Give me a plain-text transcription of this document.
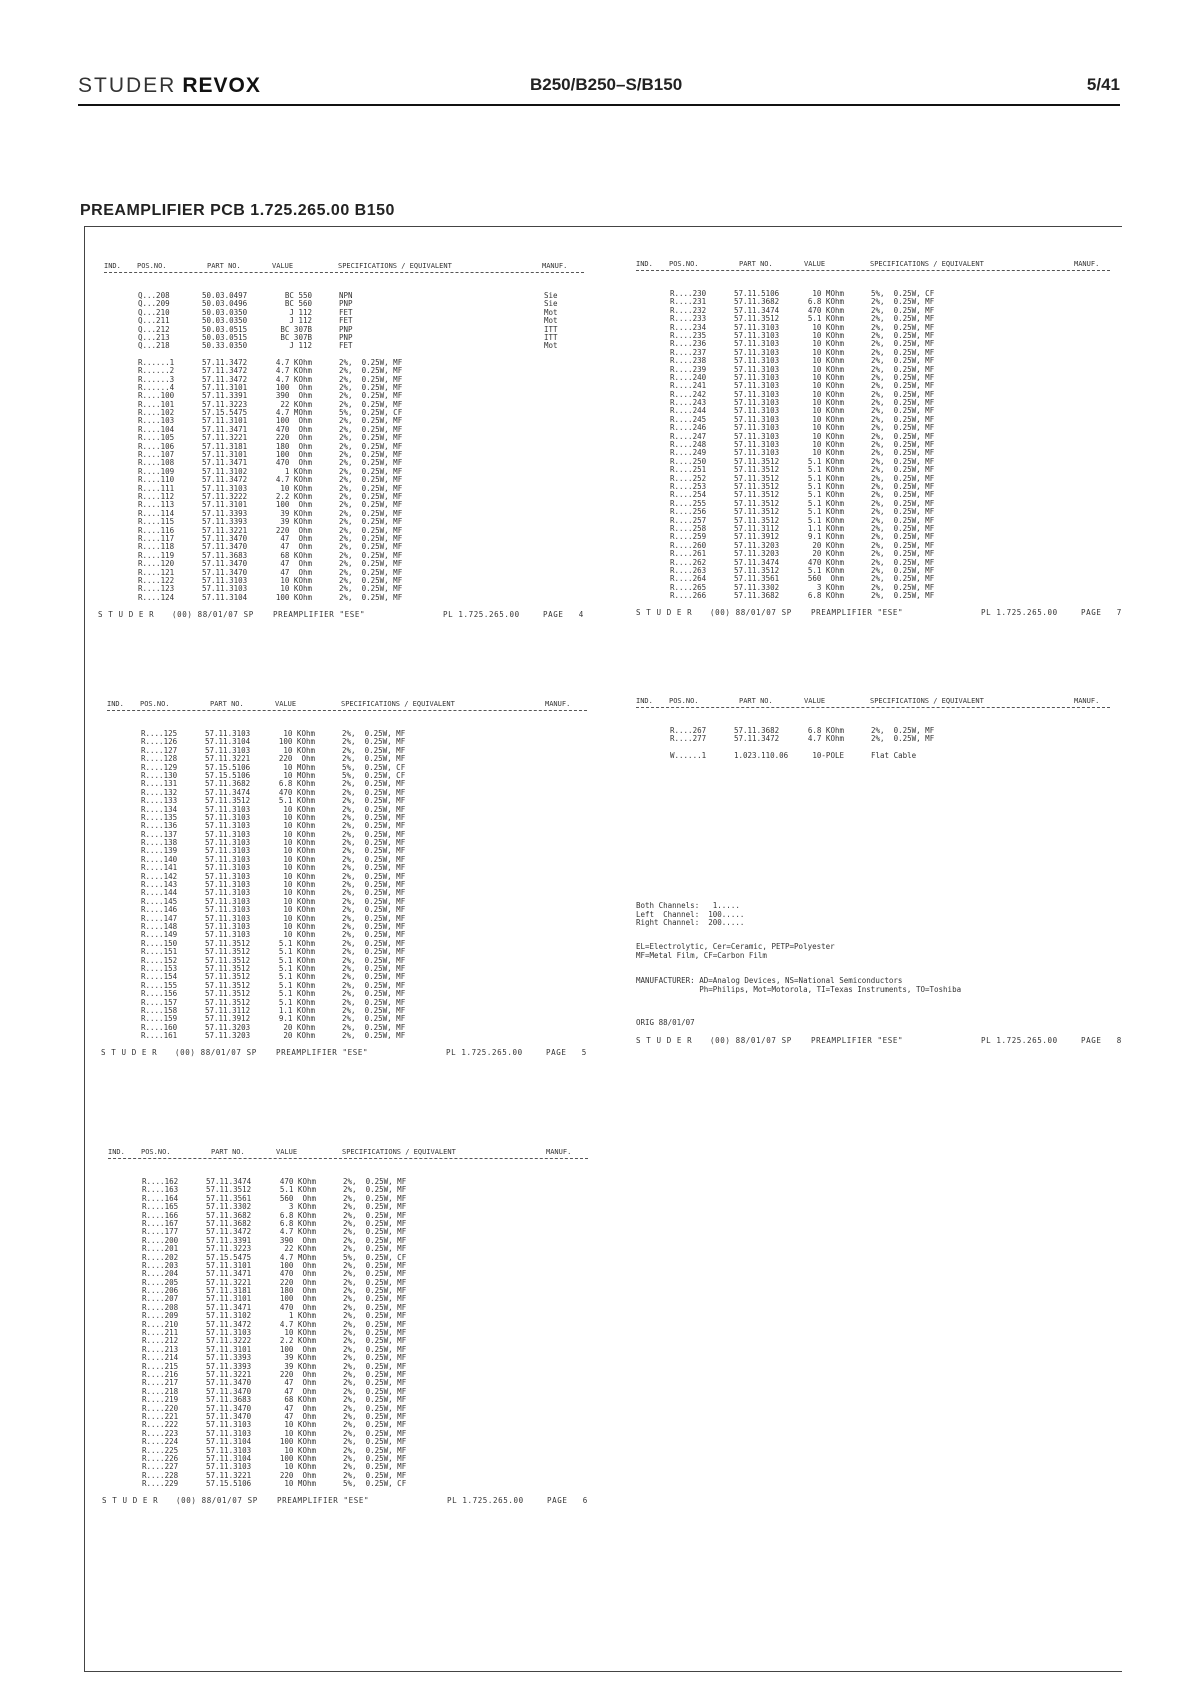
STUDER REVOX	B250/B250–S/B150	5/41
PREAMPLIFIER PCB 1.725.265.00 B150
IND. POS.NO.	PART NO.	VALUE	SPECIFICATIONS / EQUIVALENT	MANUF.
Q...208	50.03.0497	BC 550	NPN	Sie
Q...209	50.03.0496	BC 560	PNP	Sie
Q...210	50.03.0350	J 112	FET	Mot
Q...211	50.03.0350	J 112	FET	Mot
Q...212	50.03.0515	BC 307B	PNP	ITT
Q...213	50.03.0515	BC 307B	PNP	ITT
Q...218	50.33.0350	J 112	FET	Mot
R......1	57.11.3472	4.7 KOhm	2%,  0.25W, MF
R......2	57.11.3472	4.7 KOhm	2%,  0.25W, MF
R......3	57.11.3472	4.7 KOhm	2%,  0.25W, MF
R......4	57.11.3101	100  Ohm	2%,  0.25W, MF
R....100	57.11.3391	390  Ohm	2%,  0.25W, MF
R....101	57.11.3223	22 KOhm	2%,  0.25W, MF
R....102	57.15.5475	4.7 MOhm	5%,  0.25W, CF
R....103	57.11.3101	100  Ohm	2%,  0.25W, MF
R....104	57.11.3471	470  Ohm	2%,  0.25W, MF
R....105	57.11.3221	220  Ohm	2%,  0.25W, MF
R....106	57.11.3181	180  Ohm	2%,  0.25W, MF
R....107	57.11.3101	100  Ohm	2%,  0.25W, MF
R....108	57.11.3471	470  Ohm	2%,  0.25W, MF
R....109	57.11.3102	1 KOhm	2%,  0.25W, MF
R....110	57.11.3472	4.7 KOhm	2%,  0.25W, MF
R....111	57.11.3103	10 KOhm	2%,  0.25W, MF
R....112	57.11.3222	2.2 KOhm	2%,  0.25W, MF
R....113	57.11.3101	100  Ohm	2%,  0.25W, MF
R....114	57.11.3393	39 KOhm	2%,  0.25W, MF
R....115	57.11.3393	39 KOhm	2%,  0.25W, MF
R....116	57.11.3221	220  Ohm	2%,  0.25W, MF
R....117	57.11.3470	47  Ohm	2%,  0.25W, MF
R....118	57.11.3470	47  Ohm	2%,  0.25W, MF
R....119	57.11.3683	68 KOhm	2%,  0.25W, MF
R....120	57.11.3470	47  Ohm	2%,  0.25W, MF
R....121	57.11.3470	47  Ohm	2%,  0.25W, MF
R....122	57.11.3103	10 KOhm	2%,  0.25W, MF
R....123	57.11.3103	10 KOhm	2%,  0.25W, MF
R....124	57.11.3104	100 KOhm	2%,  0.25W, MF
S T U D E R (00) 88/01/07 SP	PREAMPLIFIER "ESE"	PL 1.725.265.00	PAGE   4
IND. POS.NO.	PART NO.	VALUE	SPECIFICATIONS / EQUIVALENT	MANUF.
R....230	57.11.5106	10 MOhm	5%,  0.25W, CF
R....231	57.11.3682	6.8 KOhm	2%,  0.25W, MF
R....232	57.11.3474	470 KOhm	2%,  0.25W, MF
R....233	57.11.3512	5.1 KOhm	2%,  0.25W, MF
R....234	57.11.3103	10 KOhm	2%,  0.25W, MF
R....235	57.11.3103	10 KOhm	2%,  0.25W, MF
R....236	57.11.3103	10 KOhm	2%,  0.25W, MF
R....237	57.11.3103	10 KOhm	2%,  0.25W, MF
R....238	57.11.3103	10 KOhm	2%,  0.25W, MF
R....239	57.11.3103	10 KOhm	2%,  0.25W, MF
R....240	57.11.3103	10 KOhm	2%,  0.25W, MF
R....241	57.11.3103	10 KOhm	2%,  0.25W, MF
R....242	57.11.3103	10 KOhm	2%,  0.25W, MF
R....243	57.11.3103	10 KOhm	2%,  0.25W, MF
R....244	57.11.3103	10 KOhm	2%,  0.25W, MF
R....245	57.11.3103	10 KOhm	2%,  0.25W, MF
R....246	57.11.3103	10 KOhm	2%,  0.25W, MF
R....247	57.11.3103	10 KOhm	2%,  0.25W, MF
R....248	57.11.3103	10 KOhm	2%,  0.25W, MF
R....249	57.11.3103	10 KOhm	2%,  0.25W, MF
R....250	57.11.3512	5.1 KOhm	2%,  0.25W, MF
R....251	57.11.3512	5.1 KOhm	2%,  0.25W, MF
R....252	57.11.3512	5.1 KOhm	2%,  0.25W, MF
R....253	57.11.3512	5.1 KOhm	2%,  0.25W, MF
R....254	57.11.3512	5.1 KOhm	2%,  0.25W, MF
R....255	57.11.3512	5.1 KOhm	2%,  0.25W, MF
R....256	57.11.3512	5.1 KOhm	2%,  0.25W, MF
R....257	57.11.3512	5.1 KOhm	2%,  0.25W, MF
R....258	57.11.3112	1.1 KOhm	2%,  0.25W, MF
R....259	57.11.3912	9.1 KOhm	2%,  0.25W, MF
R....260	57.11.3203	20 KOhm	2%,  0.25W, MF
R....261	57.11.3203	20 KOhm	2%,  0.25W, MF
R....262	57.11.3474	470 KOhm	2%,  0.25W, MF
R....263	57.11.3512	5.1 KOhm	2%,  0.25W, MF
R....264	57.11.3561	560  Ohm	2%,  0.25W, MF
R....265	57.11.3302	3 KOhm	2%,  0.25W, MF
R....266	57.11.3682	6.8 KOhm	2%,  0.25W, MF
S T U D E R (00) 88/01/07 SP	PREAMPLIFIER "ESE"	PL 1.725.265.00	PAGE   7
IND. POS.NO.	PART NO.	VALUE	SPECIFICATIONS / EQUIVALENT	MANUF.
R....125	57.11.3103	10 KOhm	2%,  0.25W, MF
R....126	57.11.3104	100 KOhm	2%,  0.25W, MF
R....127	57.11.3103	10 KOhm	2%,  0.25W, MF
R....128	57.11.3221	220  Ohm	2%,  0.25W, MF
R....129	57.15.5106	10 MOhm	5%,  0.25W, CF
R....130	57.15.5106	10 MOhm	5%,  0.25W, CF
R....131	57.11.3682	6.8 KOhm	2%,  0.25W, MF
R....132	57.11.3474	470 KOhm	2%,  0.25W, MF
R....133	57.11.3512	5.1 KOhm	2%,  0.25W, MF
R....134	57.11.3103	10 KOhm	2%,  0.25W, MF
R....135	57.11.3103	10 KOhm	2%,  0.25W, MF
R....136	57.11.3103	10 KOhm	2%,  0.25W, MF
R....137	57.11.3103	10 KOhm	2%,  0.25W, MF
R....138	57.11.3103	10 KOhm	2%,  0.25W, MF
R....139	57.11.3103	10 KOhm	2%,  0.25W, MF
R....140	57.11.3103	10 KOhm	2%,  0.25W, MF
R....141	57.11.3103	10 KOhm	2%,  0.25W, MF
R....142	57.11.3103	10 KOhm	2%,  0.25W, MF
R....143	57.11.3103	10 KOhm	2%,  0.25W, MF
R....144	57.11.3103	10 KOhm	2%,  0.25W, MF
R....145	57.11.3103	10 KOhm	2%,  0.25W, MF
R....146	57.11.3103	10 KOhm	2%,  0.25W, MF
R....147	57.11.3103	10 KOhm	2%,  0.25W, MF
R....148	57.11.3103	10 KOhm	2%,  0.25W, MF
R....149	57.11.3103	10 KOhm	2%,  0.25W, MF
R....150	57.11.3512	5.1 KOhm	2%,  0.25W, MF
R....151	57.11.3512	5.1 KOhm	2%,  0.25W, MF
R....152	57.11.3512	5.1 KOhm	2%,  0.25W, MF
R....153	57.11.3512	5.1 KOhm	2%,  0.25W, MF
R....154	57.11.3512	5.1 KOhm	2%,  0.25W, MF
R....155	57.11.3512	5.1 KOhm	2%,  0.25W, MF
R....156	57.11.3512	5.1 KOhm	2%,  0.25W, MF
R....157	57.11.3512	5.1 KOhm	2%,  0.25W, MF
R....158	57.11.3112	1.1 KOhm	2%,  0.25W, MF
R....159	57.11.3912	9.1 KOhm	2%,  0.25W, MF
R....160	57.11.3203	20 KOhm	2%,  0.25W, MF
R....161	57.11.3203	20 KOhm	2%,  0.25W, MF
S T U D E R (00) 88/01/07 SP	PREAMPLIFIER "ESE"	PL 1.725.265.00	PAGE   5
IND. POS.NO.	PART NO.	VALUE	SPECIFICATIONS / EQUIVALENT	MANUF.
R....267	57.11.3682	6.8 KOhm	2%,  0.25W, MF
R....277	57.11.3472	4.7 KOhm	2%,  0.25W, MF
W......1	1.023.110.06	10-POLE	Flat Cable
Both Channels:   1.....
Left  Channel:  100.....
Right Channel:  200.....
EL=Electrolytic, Cer=Ceramic, PETP=Polyester
MF=Metal Film, CF=Carbon Film
MANUFACTURER: AD=Analog Devices, NS=National Semiconductors
Ph=Philips, Mot=Motorola, TI=Texas Instruments, TO=Toshiba
ORIG 88/01/07
S T U D E R (00) 88/01/07 SP	PREAMPLIFIER "ESE"	PL 1.725.265.00	PAGE   8
IND. POS.NO.	PART NO.	VALUE	SPECIFICATIONS / EQUIVALENT	MANUF.
R....162	57.11.3474	470 KOhm	2%,  0.25W, MF
R....163	57.11.3512	5.1 KOhm	2%,  0.25W, MF
R....164	57.11.3561	560  Ohm	2%,  0.25W, MF
R....165	57.11.3302	3 KOhm	2%,  0.25W, MF
R....166	57.11.3682	6.8 KOhm	2%,  0.25W, MF
R....167	57.11.3682	6.8 KOhm	2%,  0.25W, MF
R....177	57.11.3472	4.7 KOhm	2%,  0.25W, MF
R....200	57.11.3391	390  Ohm	2%,  0.25W, MF
R....201	57.11.3223	22 KOhm	2%,  0.25W, MF
R....202	57.15.5475	4.7 MOhm	5%,  0.25W, CF
R....203	57.11.3101	100  Ohm	2%,  0.25W, MF
R....204	57.11.3471	470  Ohm	2%,  0.25W, MF
R....205	57.11.3221	220  Ohm	2%,  0.25W, MF
R....206	57.11.3181	180  Ohm	2%,  0.25W, MF
R....207	57.11.3101	100  Ohm	2%,  0.25W, MF
R....208	57.11.3471	470  Ohm	2%,  0.25W, MF
R....209	57.11.3102	1 KOhm	2%,  0.25W, MF
R....210	57.11.3472	4.7 KOhm	2%,  0.25W, MF
R....211	57.11.3103	10 KOhm	2%,  0.25W, MF
R....212	57.11.3222	2.2 KOhm	2%,  0.25W, MF
R....213	57.11.3101	100  Ohm	2%,  0.25W, MF
R....214	57.11.3393	39 KOhm	2%,  0.25W, MF
R....215	57.11.3393	39 KOhm	2%,  0.25W, MF
R....216	57.11.3221	220  Ohm	2%,  0.25W, MF
R....217	57.11.3470	47  Ohm	2%,  0.25W, MF
R....218	57.11.3470	47  Ohm	2%,  0.25W, MF
R....219	57.11.3683	68 KOhm	2%,  0.25W, MF
R....220	57.11.3470	47  Ohm	2%,  0.25W, MF
R....221	57.11.3470	47  Ohm	2%,  0.25W, MF
R....222	57.11.3103	10 KOhm	2%,  0.25W, MF
R....223	57.11.3103	10 KOhm	2%,  0.25W, MF
R....224	57.11.3104	100 KOhm	2%,  0.25W, MF
R....225	57.11.3103	10 KOhm	2%,  0.25W, MF
R....226	57.11.3104	100 KOhm	2%,  0.25W, MF
R....227	57.11.3103	10 KOhm	2%,  0.25W, MF
R....228	57.11.3221	220  Ohm	2%,  0.25W, MF
R....229	57.15.5106	10 MOhm	5%,  0.25W, CF
S T U D E R (00) 88/01/07 SP	PREAMPLIFIER "ESE"	PL 1.725.265.00	PAGE   6
